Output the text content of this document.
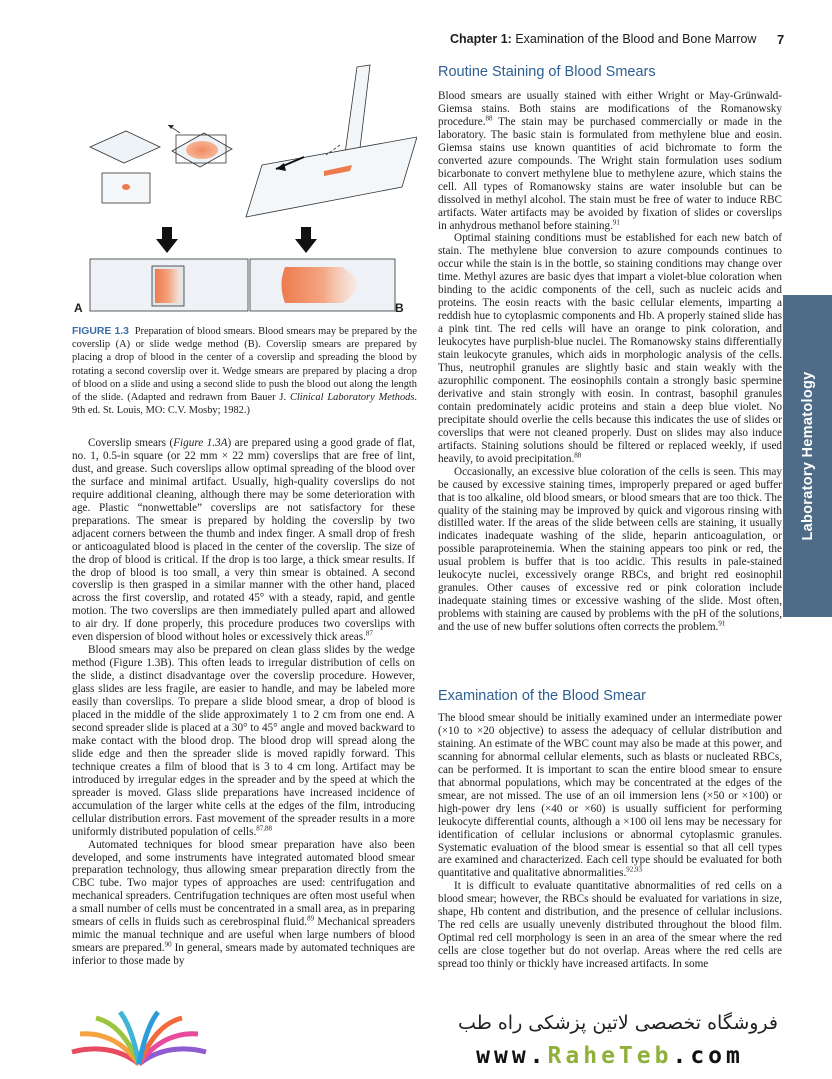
Chapter 1: Examination of the Blood and Bone Marrow	7
Laboratory Hematology
A	B
FIGURE 1.3 Preparation of blood smears. Blood smears may be prepared by the coverslip (A) or slide wedge method (B). Coverslip smears are prepared by placing a drop of blood in the center of a coverslip and spreading the blood by rotating a second coverslip over it. Wedge smears are prepared by placing a drop of blood on a slide and using a second slide to push the blood out along the length of the slide. (Adapted and redrawn from Bauer J. Clinical Laboratory Methods. 9th ed. St. Louis, MO: C.V. Mosby; 1982.)

Coverslip smears (Figure 1.3A) are prepared using a good grade of flat, no. 1, 0.5-in square (or 22 mm × 22 mm) coverslips that are free of lint, dust, and grease. Such coverslips allow optimal spreading of the blood over the surface and minimal artifact. Usually, high-quality coverslips do not require additional cleaning, although there may be some deterioration with age. Plastic “nonwettable” coverslips are not satisfactory for these preparations. The smear is prepared by holding the coverslip by two adjacent corners between the thumb and index finger. A small drop of fresh or anticoagulated blood is placed in the center of the coverslip. The size of the drop of blood is critical. If the drop is too large, a thick smear results. If the drop of blood is too small, a very thin smear is obtained. A second coverslip is then grasped in a similar manner with the other hand, placed across the first coverslip, and rotated 45° with a steady, rapid, and gentle motion. The two coverslips are then immediately pulled apart and allowed to air dry. If done properly, this procedure produces two coverslips with even dispersion of blood without holes or excessively thick areas.$^{87}$

Blood smears may also be prepared on clean glass slides by the wedge method (Figure 1.3B). This often leads to irregular distribution of cells on the slide, a distinct disadvantage over the coverslip procedure. However, glass slides are less fragile, are easier to handle, and may be labeled more easily than coverslips. To prepare a slide blood smear, a drop of blood is placed in the middle of the slide approximately 1 to 2 cm from one end. A second spreader slide is placed at a 30° to 45° angle and moved backward to make contact with the blood drop. The blood drop will spread along the slide edge and then the spreader slide is moved rapidly forward. This technique creates a film of blood that is 3 to 4 cm long. Artifact may be introduced by irregular edges in the spreader and by the speed at which the spreader is moved. Glass slide preparations have increased incidence of accumulation of the larger white cells at the edges of the film, introducing cellular distribution errors. Fast movement of the spreader results in a more uniformly distributed population of cells.$^{87,88}$

Automated techniques for blood smear preparation have also been developed, and some instruments have integrated automated blood smear preparation technology, thus allowing smear preparation directly from the CBC tube. Two major types of approaches are used: centrifugation and mechanical spreaders. Centrifugation techniques are often most useful when a small number of cells must be concentrated in a small area, as in preparing smears of cells in fluids such as cerebrospinal fluid.$^{89}$ Mechanical spreaders mimic the manual technique and are useful when large numbers of blood smears are prepared.$^{90}$ In general, smears made by automated techniques are inferior to those made by

Routine Staining of Blood Smears

Blood smears are usually stained with either Wright or May-Grünwald-Giemsa stains. Both stains are modifications of the Romanowsky procedure.$^{88}$ The stain may be purchased commercially or made in the laboratory. The basic stain is formulated from methylene blue and eosin. Giemsa stains use known quantities of acid bichromate to form the converted azure compounds. The Wright stain formulation uses sodium bicarbonate to convert methylene blue to methylene azure, which stains the cell. All types of Romanowsky stains are water insoluble but can be dissolved in methyl alcohol. The stain must be free of water to induce RBC artifacts. Water artifacts may be avoided by fixation of slides or coverslips in anhydrous methanol before staining.$^{91}$

Optimal staining conditions must be established for each new batch of stain. The methylene blue conversion to azure compounds continues to occur while the stain is in the bottle, so staining conditions may change over time. Methyl azures are basic dyes that impart a violet-blue coloration when binding to the acidic components of the cell, such as nucleic acids and proteins. The eosin reacts with the basic cellular elements, imparting a reddish hue to cytoplasmic components and Hb. A properly stained slide has a pink tint. The red cells will have an orange to pink coloration, and leukocytes have purplish-blue nuclei. The Romanowsky stains differentially stain leukocyte granules, which aids in morphologic analysis of the cells. Thus, neutrophil granules are slightly basic and stain weakly with the azurophilic component. The eosinophils contain a strongly basic spermine derivative and stain strongly with eosin. In contrast, basophil granules contain predominately acidic proteins and stain a deep blue violet. No precipitate should overlie the cells because this indicates the use of slides or coverslips that were not cleaned properly. Dust on slides may also induce artifacts. Staining solutions should be filtered or replaced weekly, if used heavily, to avoid precipitation.$^{88}$

Occasionally, an excessive blue coloration of the cells is seen. This may be caused by excessive staining times, improperly prepared or aged buffer that is too alkaline, old blood smears, or blood smears that are too thick. The quality of the staining may be improved by quick and vigorous rinsing with distilled water. If the areas of the slide between cells are staining, it usually indicates inadequate washing of the slide, heparin anticoagulation, or possible paraproteinemia. When the staining appears too pink or red, the usual problem is buffer that is too acidic. This results in pale-stained leukocyte nuclei, excessively orange RBCs, and bright red eosinophil granules. Other causes of excessive red or pink coloration include inadequate staining times or excessive washing of the slide. Most often, problems with staining are caused by problems with the pH of the solutions, and the use of new buffer solutions often corrects the problem.$^{91}$

Examination of the Blood Smear

The blood smear should be initially examined under an intermediate power (×10 to ×20 objective) to assess the adequacy of cellular distribution and staining. An estimate of the WBC count may also be made at this power, and scanning for abnormal cellular elements, such as blasts or nucleated RBCs, can be performed. It is important to scan the entire blood smear to ensure that abnormal populations, which may be concentrated at the edges of the smear, are not missed. The use of an oil immersion lens (×50 or ×100) or high-power dry lens (×40 or ×60) is usually sufficient for performing leukocyte differential counts, although a ×100 oil lens may be necessary for identification of cellular inclusions or abnormal cytoplasmic granules. Systematic evaluation of the blood smear is essential so that all cell types are examined and characterized. Each cell type should be evaluated for both quantitative and qualitative abnormalities.$^{92,93}$

It is difficult to evaluate quantitative abnormalities of red cells on a blood smear; however, the RBCs should be evaluated for variations in size, shape, Hb content and distribution, and the presence of cellular inclusions. The red cells are usually unevenly distributed throughout the blood film. Optimal red cell morphology is seen in an area of the smear where the red cells are close together but do not overlap. Areas where the red cells are spread too thinly or thickly have increased artifacts. In some

فروشگاه تخصصی لاتین پزشکی راه طب
www.RaheTeb.com
